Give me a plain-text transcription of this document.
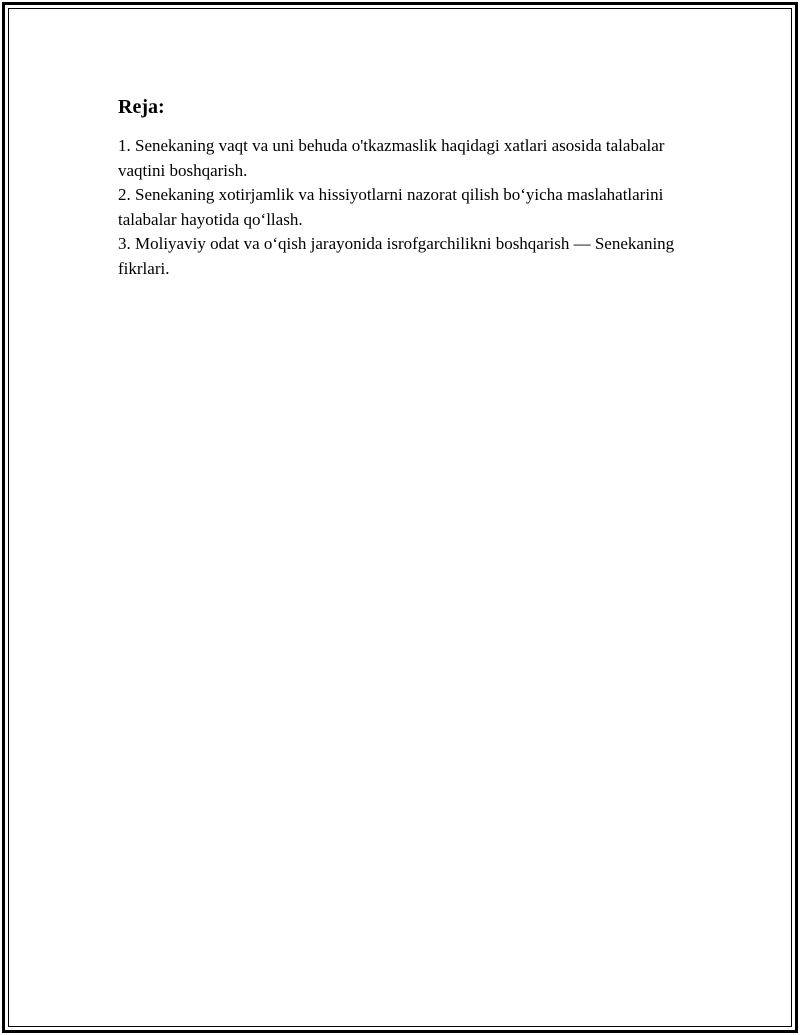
Reja:

1. Senekaning vaqt va uni behuda o'tkazmaslik haqidagi xatlari asosida talabalar vaqtini boshqarish.

2. Senekaning xotirjamlik va hissiyotlarni nazorat qilish bo‘yicha maslahatlarini talabalar hayotida qo‘llash.

3. Moliyaviy odat va o‘qish jarayonida isrofgarchilikni boshqarish — Senekaning fikrlari.
